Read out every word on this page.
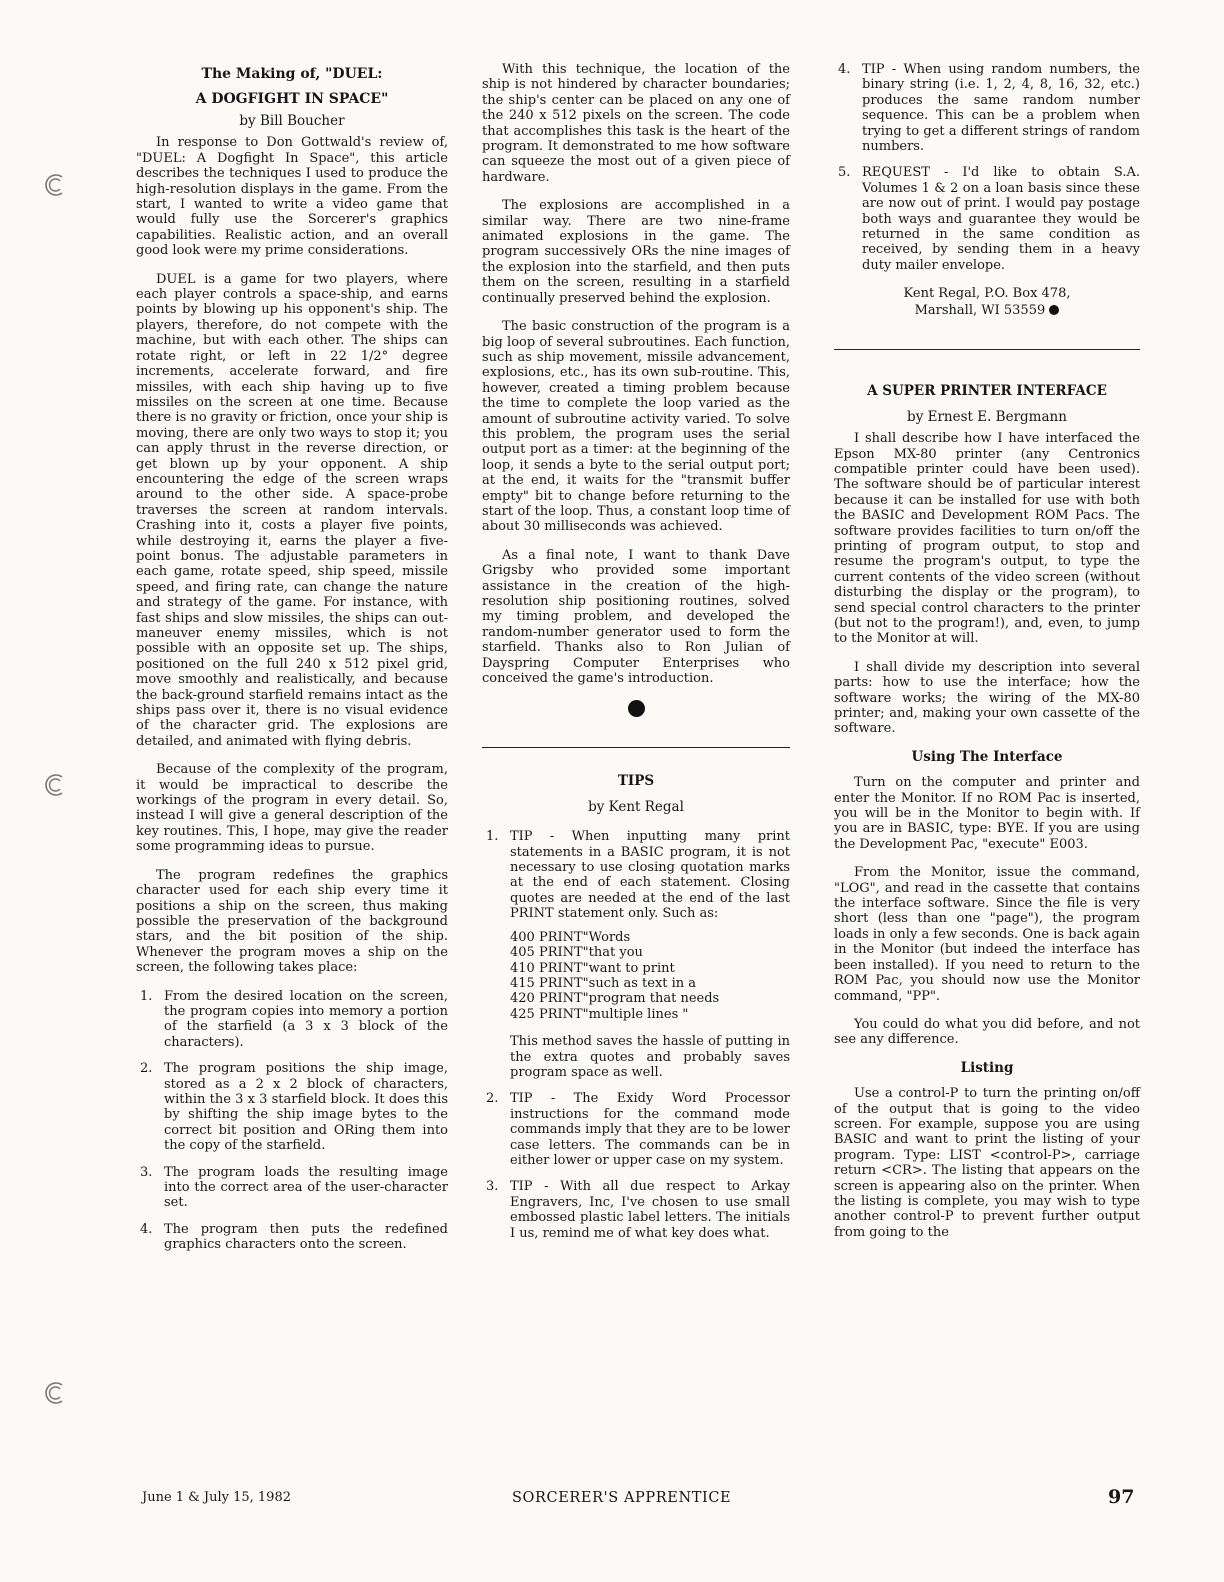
The Making of, "DUEL:
A DOGFIGHT IN SPACE"
by Bill Boucher

In response to Don Gottwald's review of, "DUEL: A Dogfight In Space", this article describes the techniques I used to produce the high-resolution displays in the game. From the start, I wanted to write a video game that would fully use the Sorcerer's graphics capabilities. Realistic action, and an overall good look were my prime considerations.

DUEL is a game for two players, where each player controls a space-ship, and earns points by blowing up his opponent's ship. The players, therefore, do not compete with the machine, but with each other. The ships can rotate right, or left in 22 1/2° degree increments, accelerate forward, and fire missiles, with each ship having up to five missiles on the screen at one time. Because there is no gravity or friction, once your ship is moving, there are only two ways to stop it; you can apply thrust in the reverse direction, or get blown up by your opponent. A ship encountering the edge of the screen wraps around to the other side. A space-probe traverses the screen at random intervals. Crashing into it, costs a player five points, while destroying it, earns the player a five-point bonus. The adjustable parameters in each game, rotate speed, ship speed, missile speed, and firing rate, can change the nature and strategy of the game. For instance, with fast ships and slow missiles, the ships can out-maneuver enemy missiles, which is not possible with an opposite set up. The ships, positioned on the full 240 x 512 pixel grid, move smoothly and realistically, and because the back-ground starfield remains intact as the ships pass over it, there is no visual evidence of the character grid. The explosions are detailed, and animated with flying debris.

Because of the complexity of the program, it would be impractical to describe the workings of the program in every detail. So, instead I will give a general description of the key routines. This, I hope, may give the reader some programming ideas to pursue.

The program redefines the graphics character used for each ship every time it positions a ship on the screen, thus making possible the preservation of the background stars, and the bit position of the ship. Whenever the program moves a ship on the screen, the following takes place:

1. From the desired location on the screen, the program copies into memory a portion of the starfield (a 3 x 3 block of the characters).
2. The program positions the ship image, stored as a 2 x 2 block of characters, within the 3 x 3 starfield block. It does this by shifting the ship image bytes to the correct bit position and ORing them into the copy of the starfield.
3. The program loads the resulting image into the correct area of the user-character set.
4. The program then puts the redefined graphics characters onto the screen.

With this technique, the location of the ship is not hindered by character boundaries; the ship's center can be placed on any one of the 240 x 512 pixels on the screen. The code that accomplishes this task is the heart of the program. It demonstrated to me how software can squeeze the most out of a given piece of hardware.

The explosions are accomplished in a similar way. There are two nine-frame animated explosions in the game. The program successively ORs the nine images of the explosion into the starfield, and then puts them on the screen, resulting in a starfield continually preserved behind the explosion.

The basic construction of the program is a big loop of several subroutines. Each function, such as ship movement, missile advancement, explosions, etc., has its own sub-routine. This, however, created a timing problem because the time to complete the loop varied as the amount of subroutine activity varied. To solve this problem, the program uses the serial output port as a timer: at the beginning of the loop, it sends a byte to the serial output port; at the end, it waits for the "transmit buffer empty" bit to change before returning to the start of the loop. Thus, a constant loop time of about 30 milliseconds was achieved.

As a final note, I want to thank Dave Grigsby who provided some important assistance in the creation of the high-resolution ship positioning routines, solved my timing problem, and developed the random-number generator used to form the starfield. Thanks also to Ron Julian of Dayspring Computer Enterprises who conceived the game's introduction.

TIPS
by Kent Regal
1. TIP - When inputting many print statements in a BASIC program, it is not necessary to use closing quotation marks at the end of each statement. Closing quotes are needed at the end of the last PRINT statement only. Such as:
400 PRINT"Words
405 PRINT"that you
410 PRINT"want to print
415 PRINT"such as text in a
420 PRINT"program that needs
425 PRINT"multiple lines "
This method saves the hassle of putting in the extra quotes and probably saves program space as well.
2. TIP - The Exidy Word Processor instructions for the command mode commands imply that they are to be lower case letters. The commands can be in either lower or upper case on my system.
3. TIP - With all due respect to Arkay Engravers, Inc, I've chosen to use small embossed plastic label letters. The initials I us, remind me of what key does what.
4. TIP - When using random numbers, the binary string (i.e. 1, 2, 4, 8, 16, 32, etc.) produces the same random number sequence. This can be a problem when trying to get a different strings of random numbers.
5. REQUEST - I'd like to obtain S.A. Volumes 1 & 2 on a loan basis since these are now out of print. I would pay postage both ways and guarantee they would be returned in the same condition as received, by sending them in a heavy duty mailer envelope.
Kent Regal, P.O. Box 478,
Marshall, WI 53559
A SUPER PRINTER INTERFACE
by Ernest E. Bergmann

I shall describe how I have interfaced the Epson MX-80 printer (any Centronics compatible printer could have been used). The software should be of particular interest because it can be installed for use with both the BASIC and Development ROM Pacs. The software provides facilities to turn on/off the printing of program output, to stop and resume the program's output, to type the current contents of the video screen (without disturbing the display or the program), to send special control characters to the printer (but not to the program!), and, even, to jump to the Monitor at will.

I shall divide my description into several parts: how to use the interface; how the software works; the wiring of the MX-80 printer; and, making your own cassette of the software.

Using The Interface

Turn on the computer and printer and enter the Monitor. If no ROM Pac is inserted, you will be in the Monitor to begin with. If you are in BASIC, type: BYE. If you are using the Development Pac, "execute" E003.

From the Monitor, issue the command, "LOG", and read in the cassette that contains the interface software. Since the file is very short (less than one "page"), the program loads in only a few seconds. One is back again in the Monitor (but indeed the interface has been installed). If you need to return to the ROM Pac, you should now use the Monitor command, "PP".

You could do what you did before, and not see any difference.

Listing

Use a control-P to turn the printing on/off of the output that is going to the video screen. For example, suppose you are using BASIC and want to print the listing of your program. Type: LIST <control-P>, carriage return <CR>. The listing that appears on the screen is appearing also on the printer. When the listing is complete, you may wish to type another control-P to prevent further output from going to the

June 1 & July 15, 1982	SORCERER'S APPRENTICE	97
